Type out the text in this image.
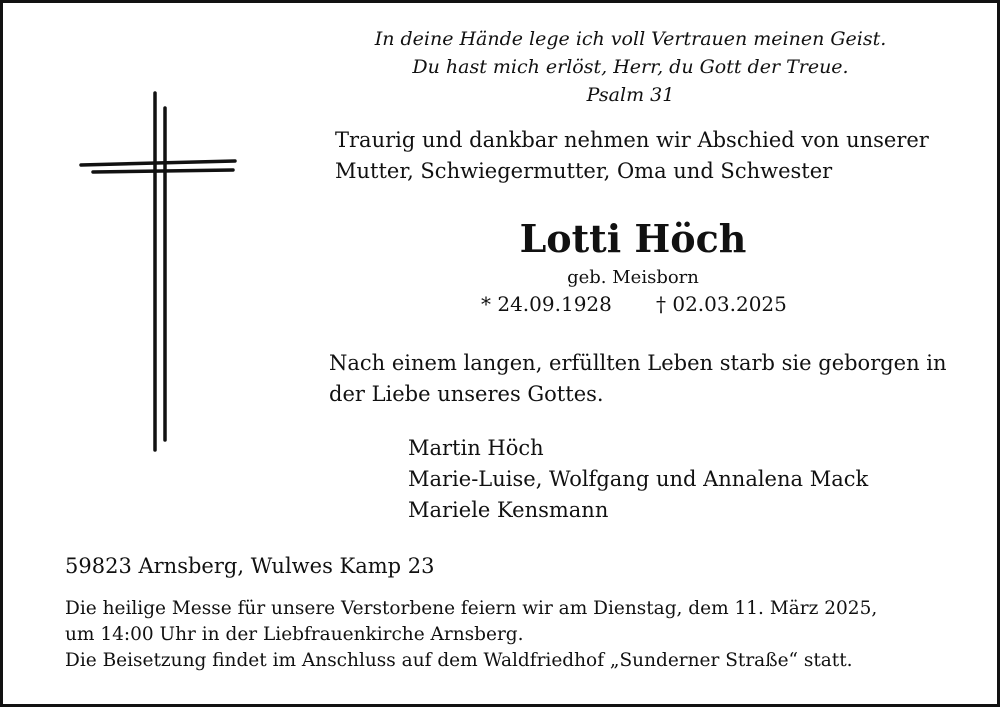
In deine Hände lege ich voll Vertrauen meinen Geist.
Du hast mich erlöst, Herr, du Gott der Treue.
Psalm 31
Traurig und dankbar nehmen wir Abschied von unserer
Mutter, Schwiegermutter, Oma und Schwester
Lotti Höch
geb. Meisborn
* 24.09.1928 † 02.03.2025
Nach einem langen, erfüllten Leben starb sie geborgen in
der Liebe unseres Gottes.
Martin Höch
Marie-Luise, Wolfgang und Annalena Mack
Mariele Kensmann
59823 Arnsberg, Wulwes Kamp 23
Die heilige Messe für unsere Verstorbene feiern wir am Dienstag, dem 11. März 2025,
um 14:00 Uhr in der Liebfrauenkirche Arnsberg.
Die Beisetzung findet im Anschluss auf dem Waldfriedhof „Sunderner Straße“ statt.
